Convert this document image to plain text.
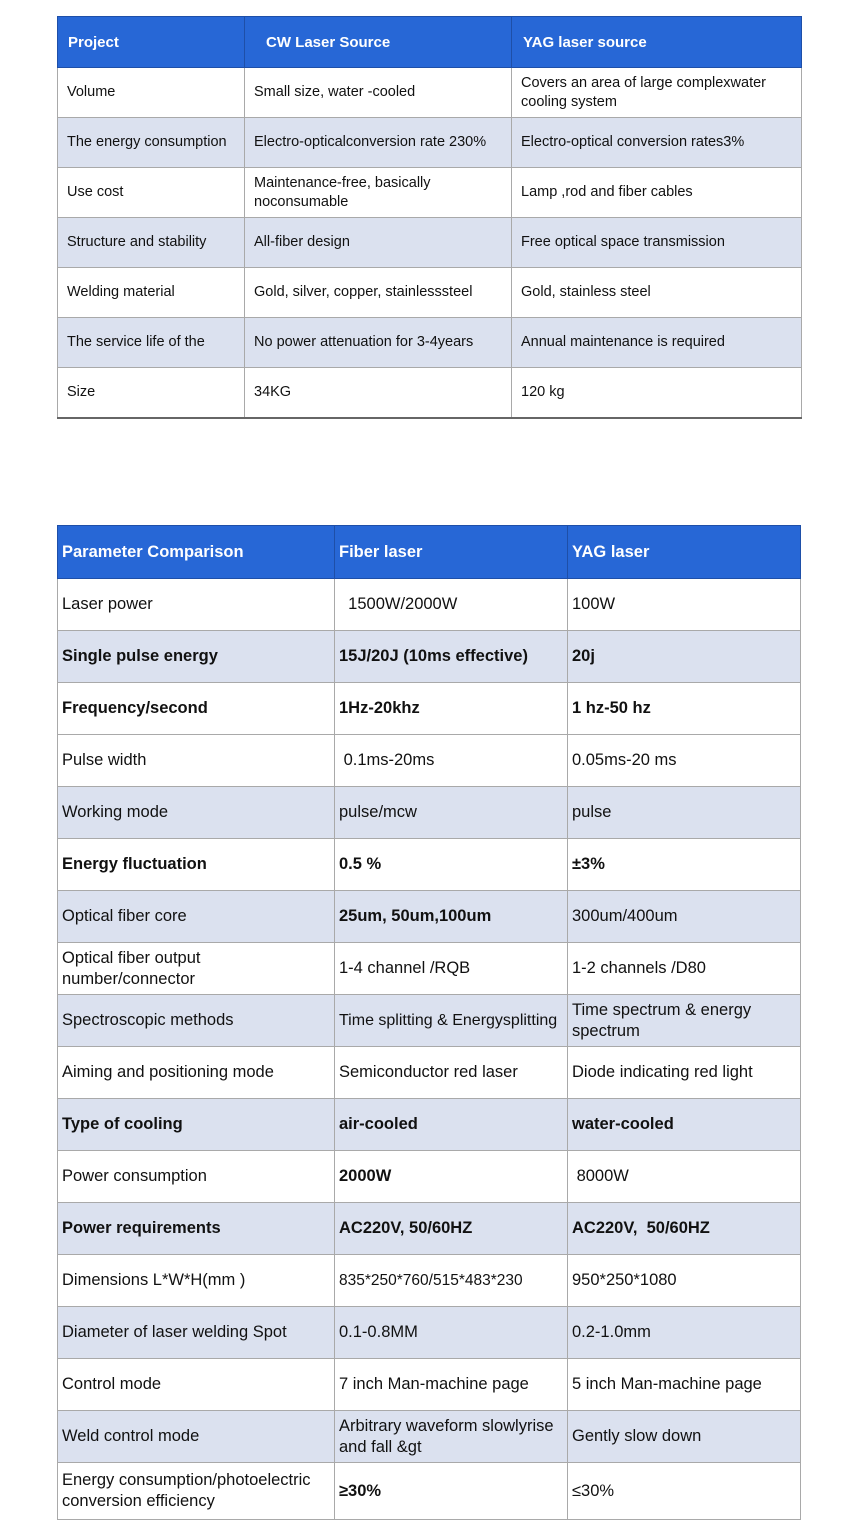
Project	CW Laser Source	YAG laser source
Volume	Small size, water -cooled	Covers an area of large complexwater cooling system
The energy consumption	Electro-opticalconversion rate 230%	Electro-optical conversion rates3%
Use cost	Maintenance-free, basically noconsumable	Lamp ,rod and fiber cables
Structure and stability	All-fiber design	Free optical space transmission
Welding material	Gold, silver, copper, stainlesssteel	Gold, stainless steel
The service life of the	No power attenuation for 3-4years	Annual maintenance is required
Size	34KG	120 kg
Parameter Comparison	Fiber laser	YAG laser
Laser power	1500W/2000W	100W
Single pulse energy	15J/20J (10ms effective)	20j
Frequency/second	1Hz-20khz	1 hz-50 hz
Pulse width	0.1ms-20ms	0.05ms-20 ms
Working mode	pulse/mcw	pulse
Energy fluctuation	0.5 %	±3%
Optical fiber core	25um, 50um,100um	300um/400um
Optical fiber output number/connector	1-4 channel /RQB	1-2 channels /D80
Spectroscopic methods	Time splitting & Energysplitting	Time spectrum & energy spectrum
Aiming and positioning mode	Semiconductor red laser	Diode indicating red light
Type of cooling	air-cooled	water-cooled
Power consumption	2000W	8000W
Power requirements	AC220V, 50/60HZ	AC220V,  50/60HZ
Dimensions L*W*H(mm )	835*250*760/515*483*230	950*250*1080
Diameter of laser welding Spot	0.1-0.8MM	0.2-1.0mm
Control mode	7 inch Man-machine page	5 inch Man-machine page
Weld control mode	Arbitrary waveform slowlyrise and fall &gt	Gently slow down
Energy consumption/photoelectric conversion efficiency	≥30%	≤30%
